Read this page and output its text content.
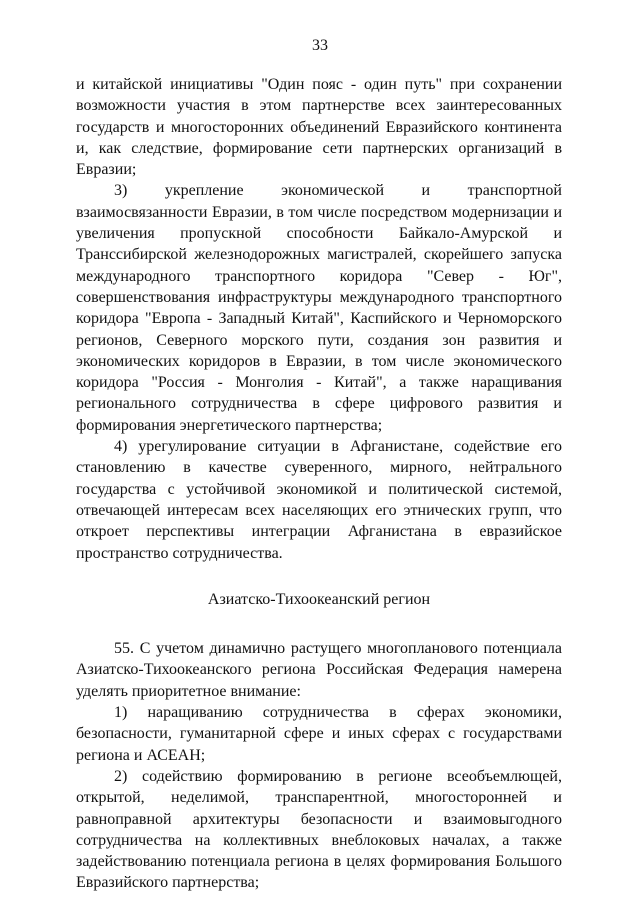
33

и китайской инициативы "Один пояс - один путь" при сохранении возможности участия в этом партнерстве всех заинтересованных государств и многосторонних объединений Евразийского континента и, как следствие, формирование сети партнерских организаций в Евразии;

3) укрепление экономической и транспортной взаимосвязанности Евразии, в том числе посредством модернизации и увеличения пропускной способности Байкало-Амурской и Транссибирской железнодорожных магистралей, скорейшего запуска международного транспортного коридора "Север - Юг", совершенствования инфраструктуры международного транспортного коридора "Европа - Западный Китай", Каспийского и Черноморского регионов, Северного морского пути, создания зон развития и экономических коридоров в Евразии, в том числе экономического коридора "Россия - Монголия - Китай", а также наращивания регионального сотрудничества в сфере цифрового развития и формирования энергетического партнерства;

4) урегулирование ситуации в Афганистане, содействие его становлению в качестве суверенного, мирного, нейтрального государства с устойчивой экономикой и политической системой, отвечающей интересам всех населяющих его этнических групп, что откроет перспективы интеграции Афганистана в евразийское пространство сотрудничества.

Азиатско-Тихоокеанский регион

55. С учетом динамично растущего многопланового потенциала Азиатско-Тихоокеанского региона Российская Федерация намерена уделять приоритетное внимание:

1) наращиванию сотрудничества в сферах экономики, безопасности, гуманитарной сфере и иных сферах с государствами региона и АСЕАН;

2) содействию формированию в регионе всеобъемлющей, открытой, неделимой, транспарентной, многосторонней и равноправной архитектуры безопасности и взаимовыгодного сотрудничества на коллективных внеблоковых началах, а также задействованию потенциала региона в целях формирования Большого Евразийского партнерства;
